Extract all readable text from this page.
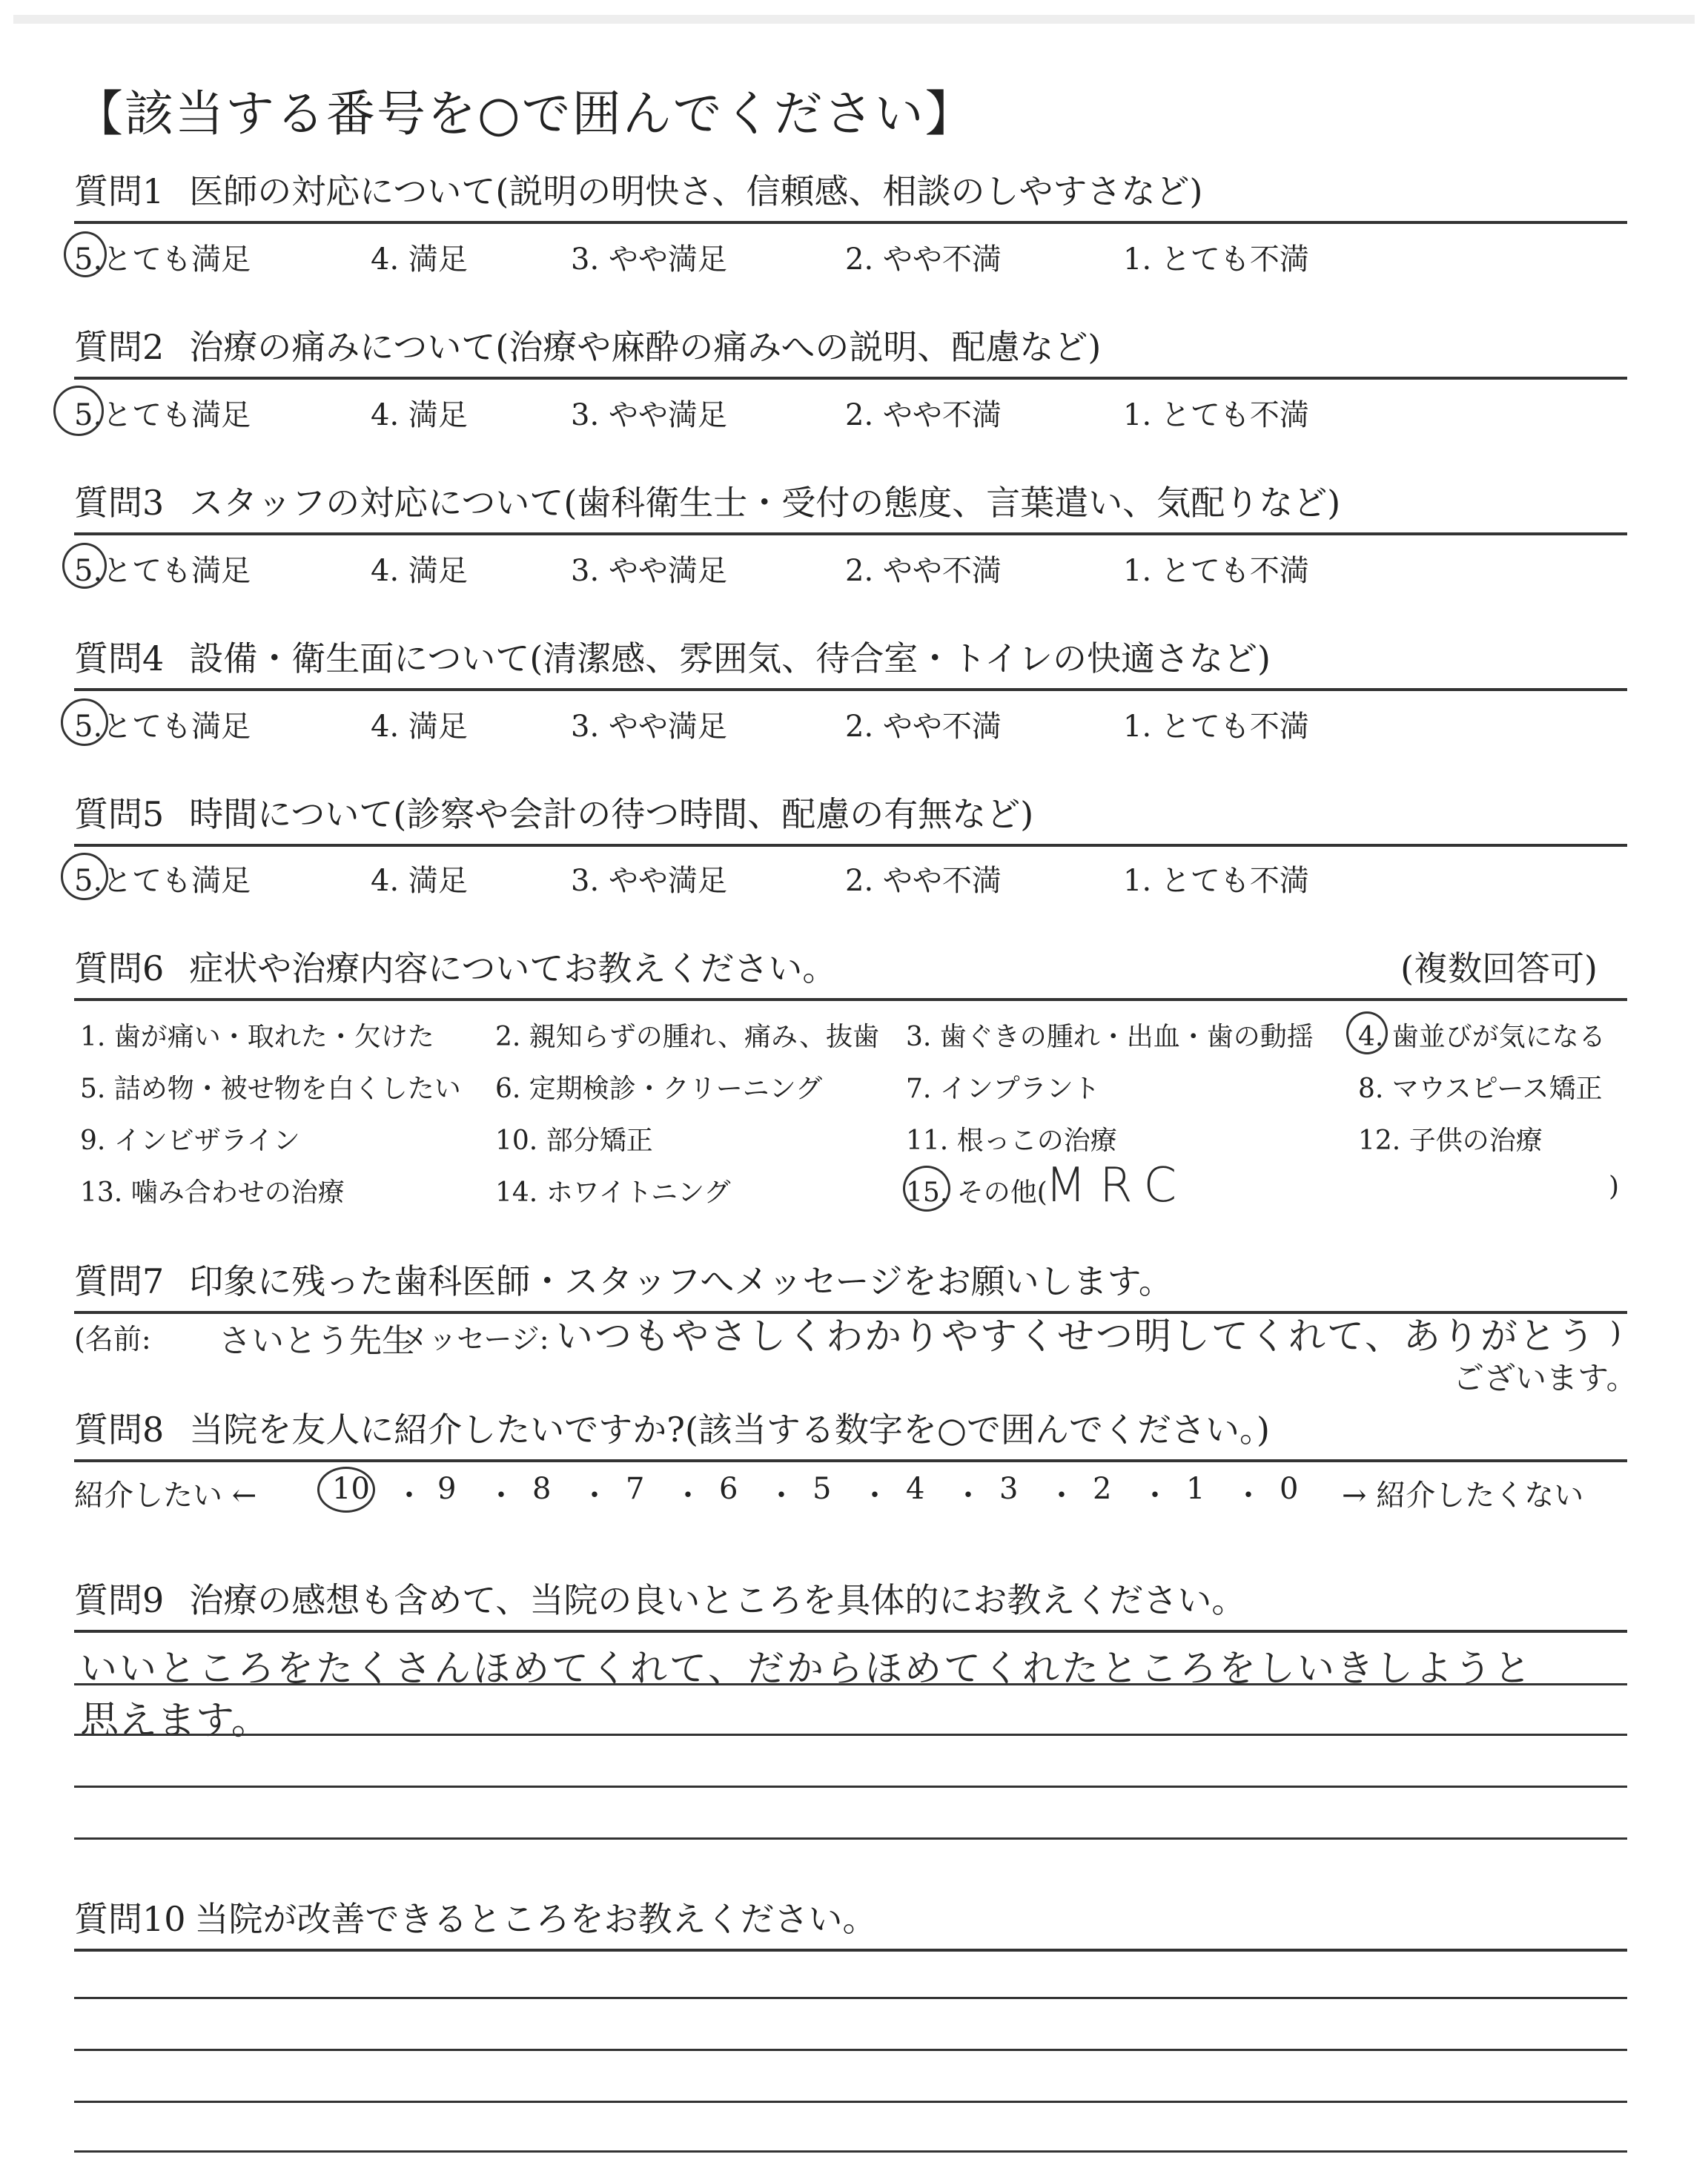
【該当する番号を○で囲んでください】
質問1 医師の対応について(説明の明快さ、信頼感、相談のしやすさなど)
5.とても満足	4. 満足	3. やや満足	2. やや不満	1. とても不満
質問2 治療の痛みについて(治療や麻酔の痛みへの説明、配慮など)
5.とても満足	4. 満足	3. やや満足	2. やや不満	1. とても不満
質問3 スタッフの対応について(歯科衛生士・受付の態度、言葉遣い、気配りなど)
5.とても満足	4. 満足	3. やや満足	2. やや不満	1. とても不満
質問4 設備・衛生面について(清潔感、雰囲気、待合室・トイレの快適さなど)
5.とても満足	4. 満足	3. やや満足	2. やや不満	1. とても不満
質問5 時間について(診察や会計の待つ時間、配慮の有無など)
5.とても満足	4. 満足	3. やや満足	2. やや不満	1. とても不満
質問6 症状や治療内容についてお教えください。	(複数回答可)
1. 歯が痛い・取れた・欠けた 2. 親知らずの腫れ、痛み、抜歯 3. 歯ぐきの腫れ・出血・歯の動揺 4. 歯並びが気になる
5. 詰め物・被せ物を白くしたい 6. 定期検診・クリーニング	7. インプラント	8. マウスピース矯正
9. インビザライン	10. 部分矯正	11. 根っこの治療	12. 子供の治療
13. 噛み合わせの治療	14. ホワイトニング	15. その他(
MRC	)
質問7 印象に残った歯科医師・スタッフへメッセージをお願いします。
(名前: さいとう先生
メッセージ: いつもやさしくわかりやすくせつ明してくれて、ありがとう )
ございます。
質問8 当院を友人に紹介したいですか?(該当する数字を○で囲んでください。)
紹介したい ←	10 ・ 9 ・ 8 ・ 7 ・ 6 ・ 5 ・ 4 ・ 3 ・ 2 ・ 1 ・ 0 → 紹介したくない
質問9 治療の感想も含めて、当院の良いところを具体的にお教えください。
いいところをたくさんほめてくれて、だからほめてくれたところをしいきしようと
思えます。
質問10 当院が改善できるところをお教えください。
